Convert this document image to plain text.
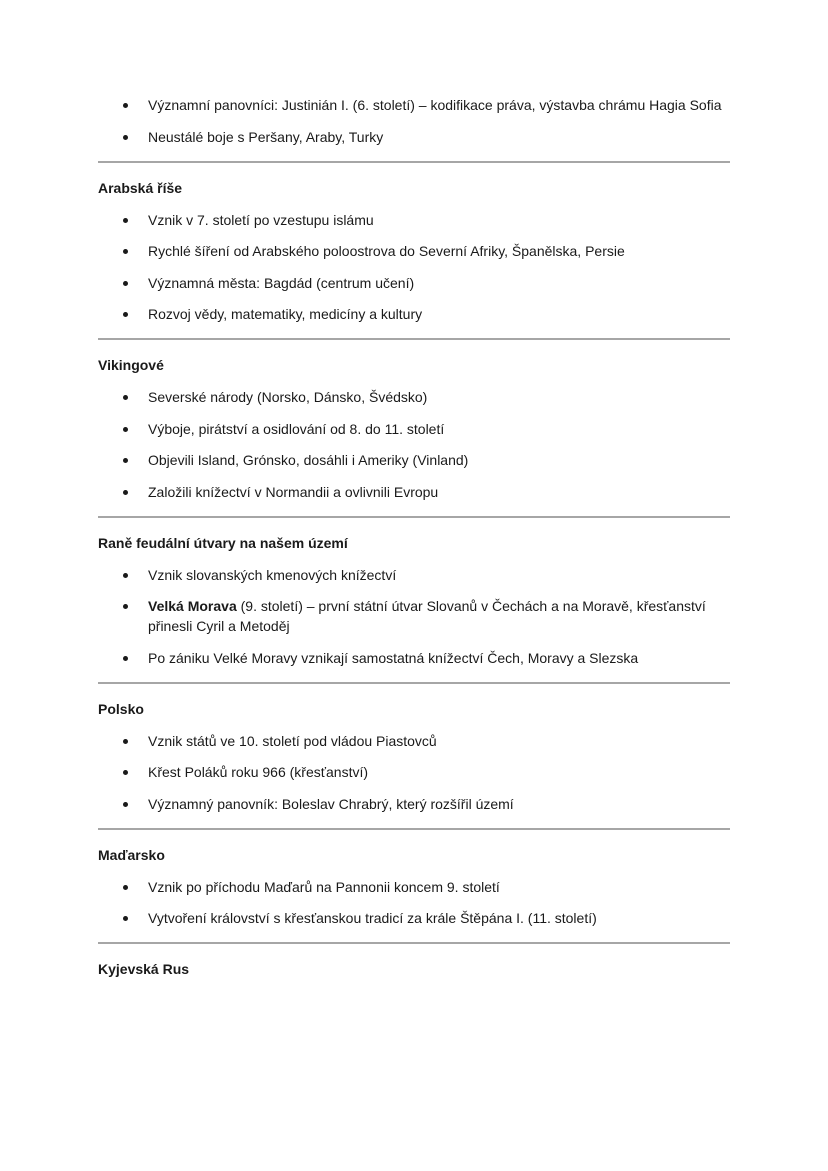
Významní panovníci: Justinián I. (6. století) – kodifikace práva, výstavba chrámu Hagia Sofia
Neustálé boje s Peršany, Araby, Turky
Arabská říše
Vznik v 7. století po vzestupu islámu
Rychlé šíření od Arabského poloostrova do Severní Afriky, Španělska, Persie
Významná města: Bagdád (centrum učení)
Rozvoj vědy, matematiky, medicíny a kultury
Vikingové
Severské národy (Norsko, Dánsko, Švédsko)
Výboje, pirátství a osidlování od 8. do 11. století
Objevili Island, Grónsko, dosáhli i Ameriky (Vinland)
Založili knížectví v Normandii a ovlivnili Evropu
Raně feudální útvary na našem území
Vznik slovanských kmenových knížectví
Velká Morava (9. století) – první státní útvar Slovanů v Čechách a na Moravě, křesťanství přinesli Cyril a Metoděj
Po zániku Velké Moravy vznikají samostatná knížectví Čech, Moravy a Slezska
Polsko
Vznik států ve 10. století pod vládou Piastovců
Křest Poláků roku 966 (křesťanství)
Významný panovník: Boleslav Chrabrý, který rozšířil území
Maďarsko
Vznik po příchodu Maďarů na Pannonii koncem 9. století
Vytvoření království s křesťanskou tradicí za krále Štěpána I. (11. století)
Kyjevská Rus
